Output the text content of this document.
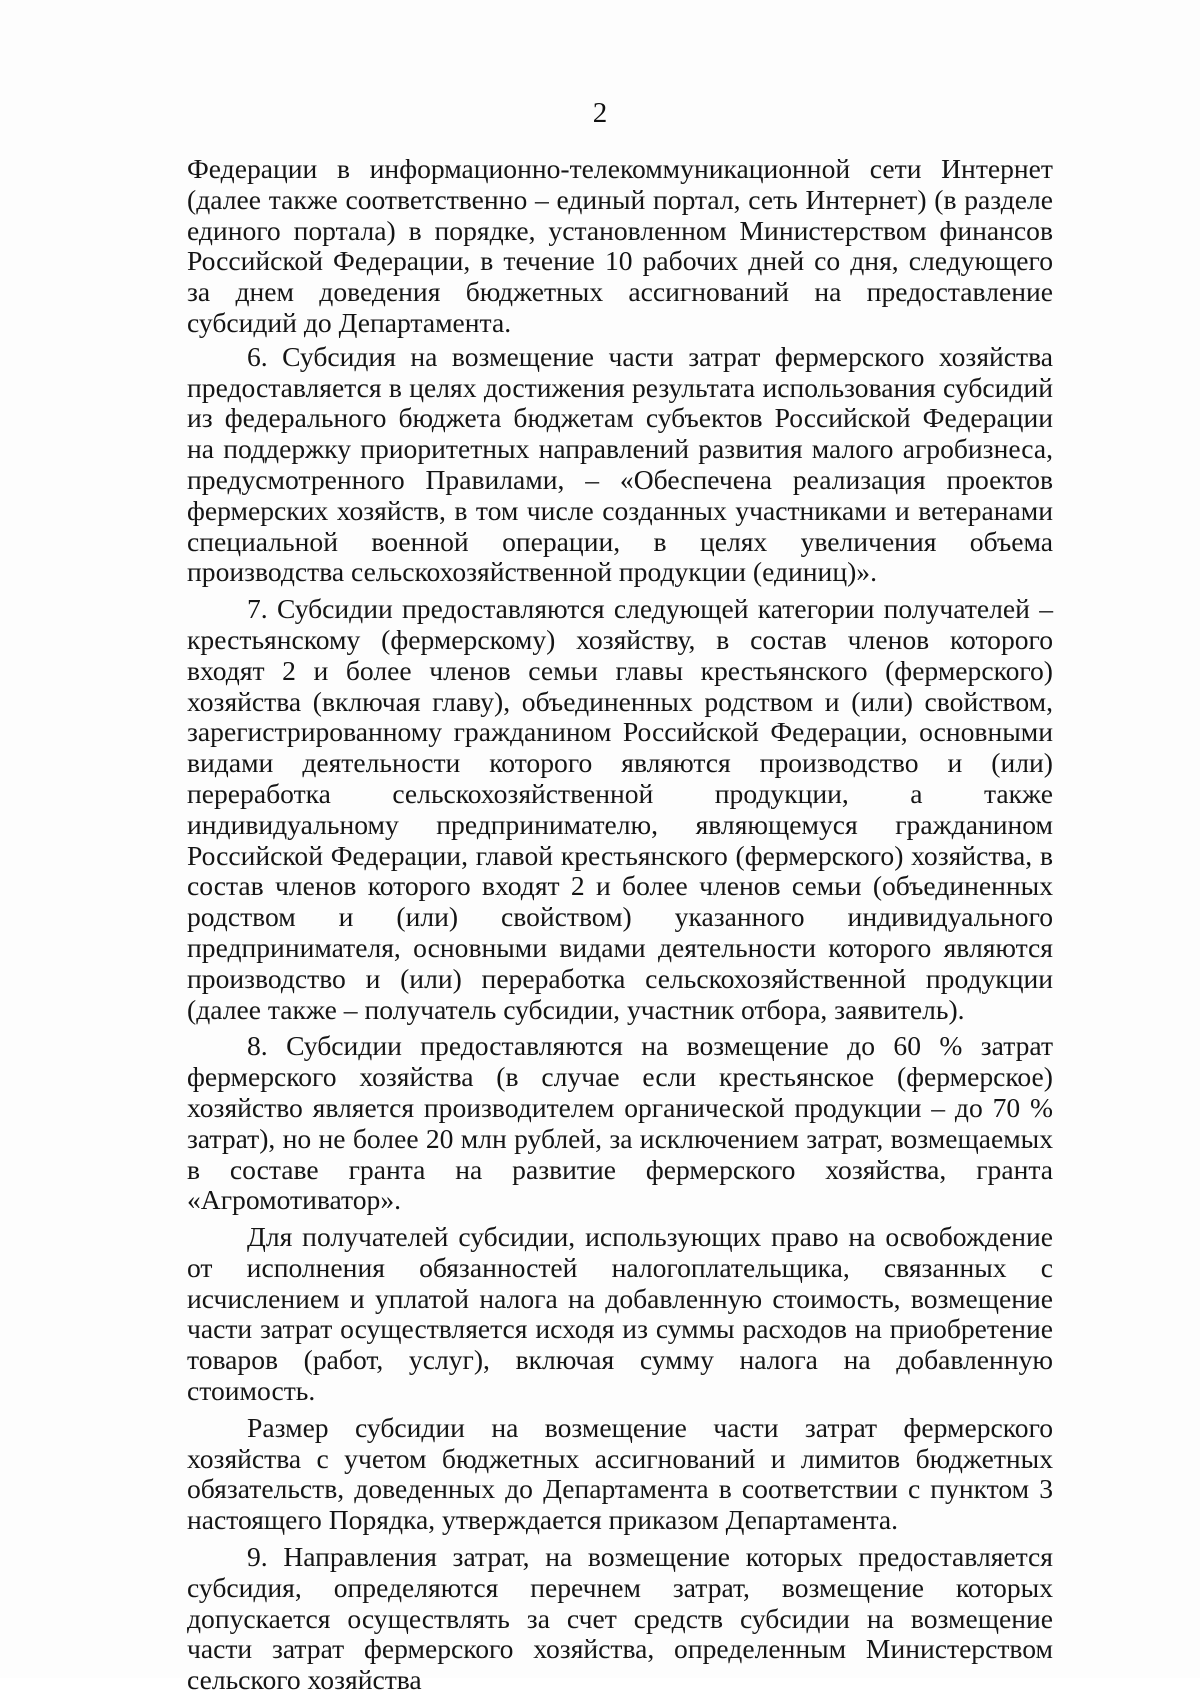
2

Федерации в информационно-телекоммуникационной сети Интернет (далее также соответственно – единый портал, сеть Интернет) (в разделе единого портала) в порядке, установленном Министерством финансов Российской Федерации, в течение 10 рабочих дней со дня, следующего за днем доведения бюджетных ассигнований на предоставление субсидий до Департамента.

6. Субсидия на возмещение части затрат фермерского хозяйства предоставляется в целях достижения результата использования субсидий из федерального бюджета бюджетам субъектов Российской Федерации на поддержку приоритетных направлений развития малого агробизнеса, предусмотренного Правилами, – «Обеспечена реализация проектов фермерских хозяйств, в том числе созданных участниками и ветеранами специальной военной операции, в целях увеличения объема производства сельскохозяйственной продукции (единиц)».

7. Субсидии предоставляются следующей категории получателей – крестьянскому (фермерскому) хозяйству, в состав членов которого входят 2 и более членов семьи главы крестьянского (фермерского) хозяйства (включая главу), объединенных родством и (или) свойством, зарегистрированному гражданином Российской Федерации, основными видами деятельности которого являются производство и (или) переработка сельскохозяйственной продукции, а также индивидуальному предпринимателю, являющемуся гражданином Российской Федерации, главой крестьянского (фермерского) хозяйства, в состав членов которого входят 2 и более членов семьи (объединенных родством и (или) свойством) указанного индивидуального предпринимателя, основными видами деятельности которого являются производство и (или) переработка сельскохозяйственной продукции (далее также – получатель субсидии, участник отбора, заявитель).

8. Субсидии предоставляются на возмещение до 60 % затрат фермерского хозяйства (в случае если крестьянское (фермерское) хозяйство является производителем органической продукции – до 70 % затрат), но не более 20 млн рублей, за исключением затрат, возмещаемых в составе гранта на развитие фермерского хозяйства, гранта «Агромотиватор».

Для получателей субсидии, использующих право на освобождение от исполнения обязанностей налогоплательщика, связанных с исчислением и уплатой налога на добавленную стоимость, возмещение части затрат осуществляется исходя из суммы расходов на приобретение товаров (работ, услуг), включая сумму налога на добавленную стоимость.

Размер субсидии на возмещение части затрат фермерского хозяйства с учетом бюджетных ассигнований и лимитов бюджетных обязательств, доведенных до Департамента в соответствии с пунктом 3 настоящего Порядка, утверждается приказом Департамента.

9. Направления затрат, на возмещение которых предоставляется субсидия, определяются перечнем затрат, возмещение которых допускается осуществлять за счет средств субсидии на возмещение части затрат фермерского хозяйства, определенным Министерством сельского хозяйства
